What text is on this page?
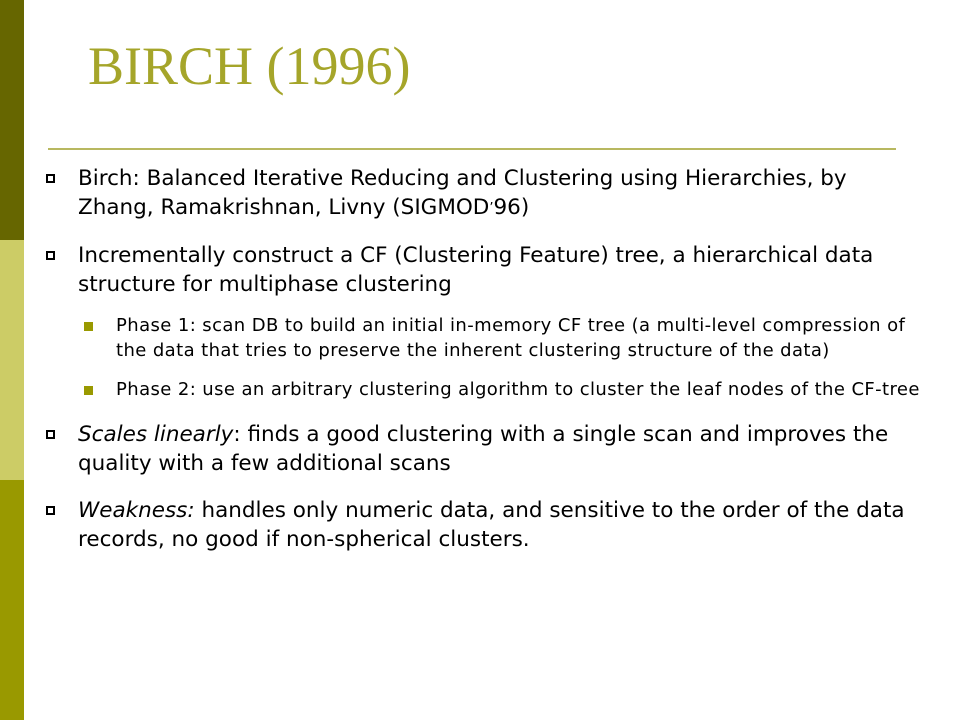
BIRCH (1996)
Birch: Balanced Iterative Reducing and Clustering using Hierarchies, by Zhang, Ramakrishnan, Livny (SIGMOD’96)
Incrementally construct a CF (Clustering Feature) tree, a hierarchical data structure for multiphase clustering
Phase 1: scan DB to build an initial in-memory CF tree (a multi-level compression of the data that tries to preserve the inherent clustering structure of the data)
Phase 2: use an arbitrary clustering algorithm to cluster the leaf nodes of the CF-tree
Scales linearly: finds a good clustering with a single scan and improves the quality with a few additional scans
Weakness: handles only numeric data, and sensitive to the order of the data records, no good if non-spherical clusters.
